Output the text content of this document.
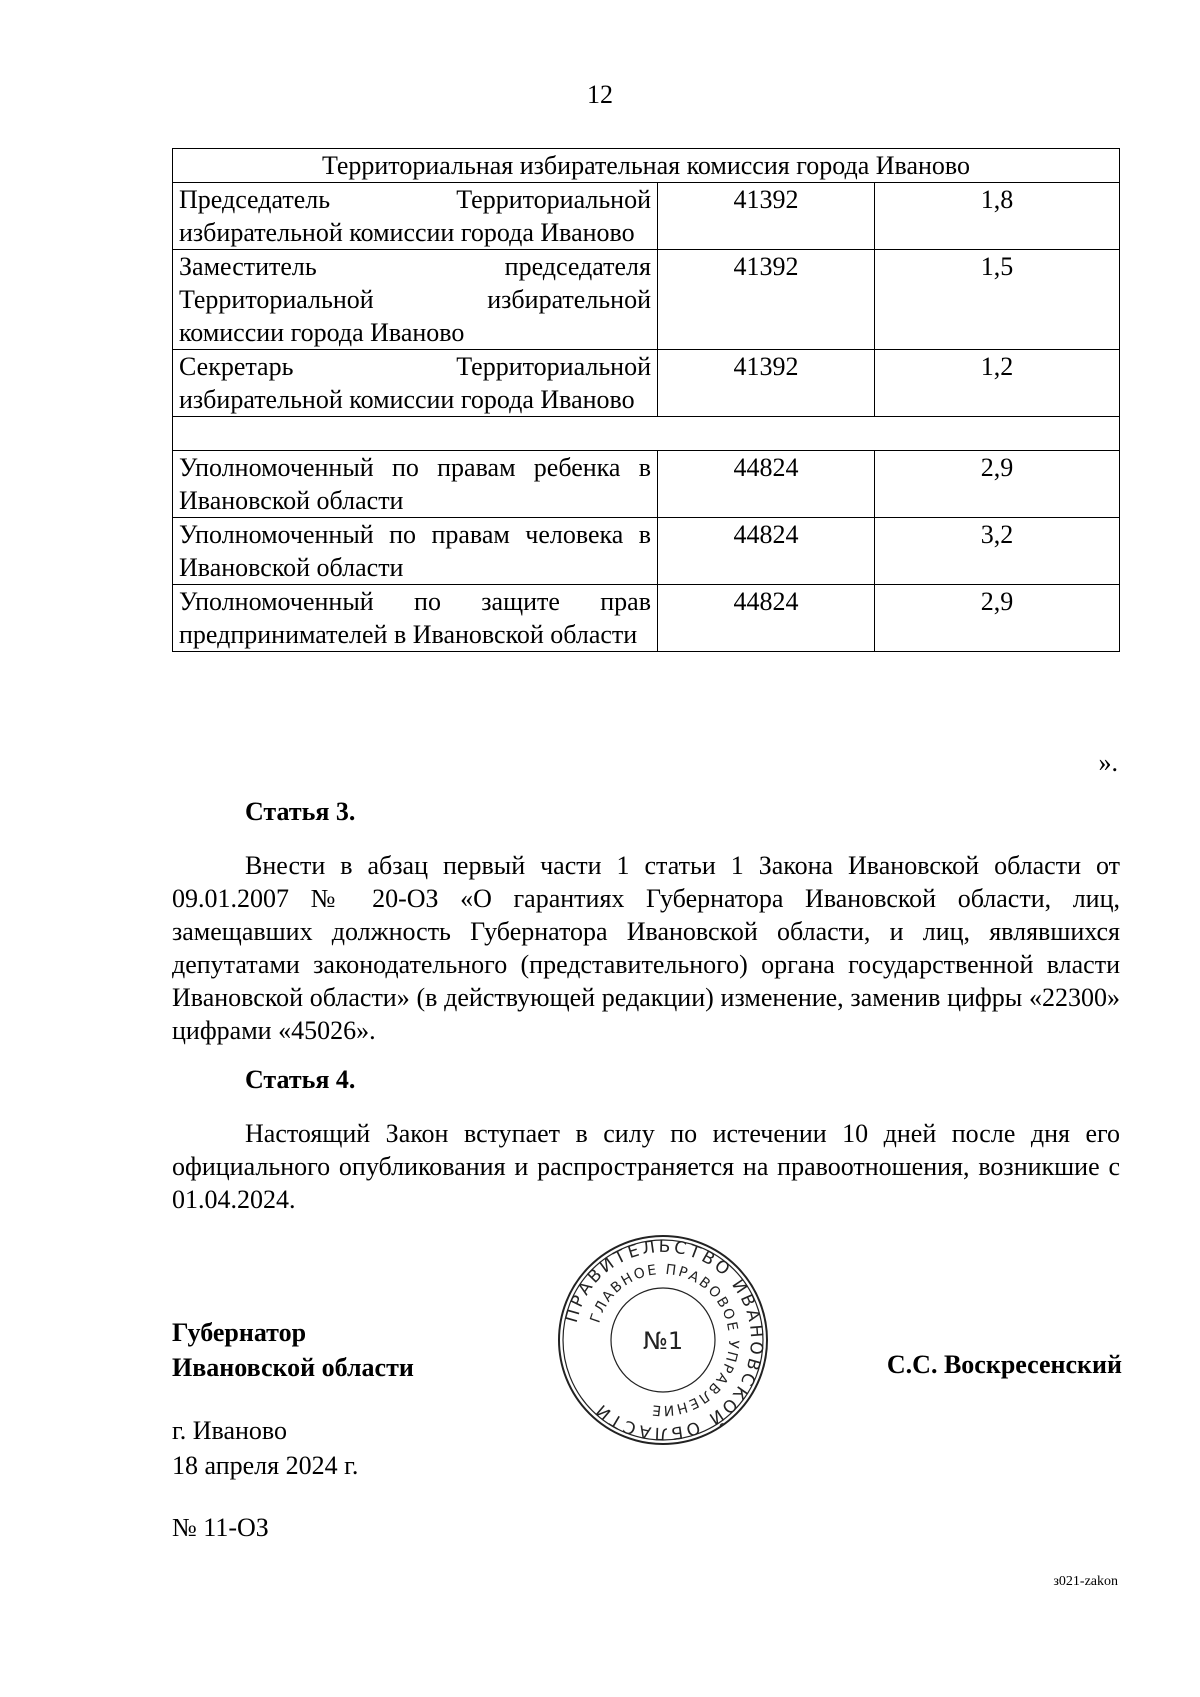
12
Территориальная избирательная комиссия города Иваново		
Председатель Территориальной избирательной комиссии города Иваново	41392	1,8
Заместитель председателя Территориальной избирательной комиссии города Иваново	41392	1,5
Секретарь Территориальной избирательной комиссии города Иваново	41392	1,2

Уполномоченный по правам ребенка в Ивановской области	44824	2,9
Уполномоченный по правам человека в Ивановской области	44824	3,2
Уполномоченный по защите прав предпринимателей в Ивановской области	44824	2,9
».
Статья 3.
Внести в абзац первый части 1 статьи 1 Закона Ивановской области от 09.01.2007 № 20-ОЗ «О гарантиях Губернатора Ивановской области, лиц, замещавших должность Губернатора Ивановской области, и лиц, являвшихся депутатами законодательного (представительного) органа государственной власти Ивановской области» (в действующей редакции) изменение, заменив цифры «22300» цифрами «45026».
Статья 4.
Настоящий Закон вступает в силу по истечении 10 дней после дня его официального опубликования и распространяется на правоотношения, возникшие с 01.04.2024.
Губернатор
Ивановской области
ПРАВИТЕЛЬСТВО ИВАНОВСКОЙ ОБЛАСТИ
ГЛАВНОЕ ПРАВОВОЕ УПРАВЛЕНИЕ
№1
С.С. Воскресенский
г. Иваново
18 апреля 2024 г.
№ 11-ОЗ
з021-zakon
